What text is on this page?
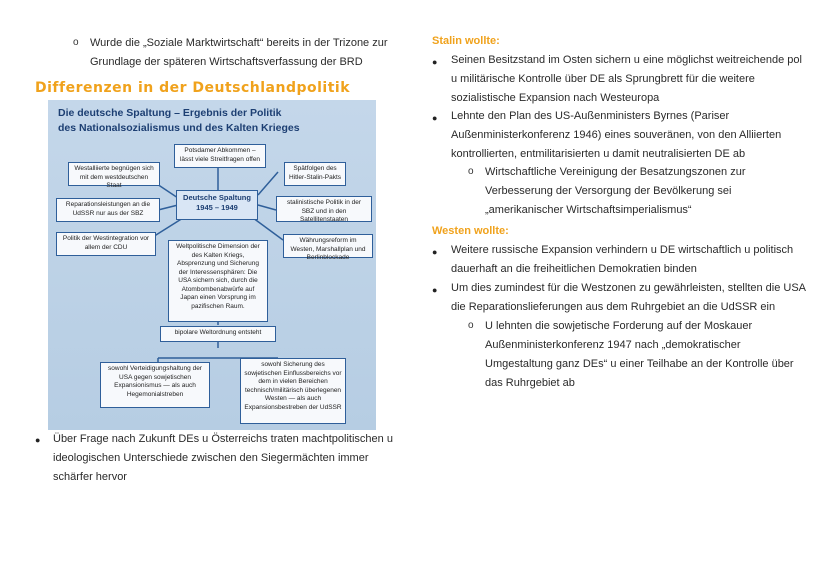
o Wurde die „Soziale Marktwirtschaft“ bereits in der Trizone zur
Grundlage der späteren Wirtschaftsverfassung der BRD
Differenzen in der Deutschlandpolitik
Die deutsche Spaltung – Ergebnis der Politik
des Nationalsozialismus und des Kalten Krieges
Deutsche Spaltung 1945 – 1949
Potsdamer Abkommen – lässt viele Streitfragen offen
Westalliierte begnügen sich mit dem westdeutschen Staat
Spätfolgen des Hitler-Stalin-Pakts
Reparationsleistungen an die UdSSR nur aus der SBZ
stalinistische Politik in der SBZ und in den Satellitenstaaten
Politik der Westintegration vor allem der CDU
Währungsreform im Westen, Marshallplan und Berlinblockade
Weltpolitische Dimension der des Kalten Kriegs, Absprenzung und Sicherung der Interessensphären: Die USA sichern sich, durch die Atombombenabwürfe auf Japan einen Vorsprung im pazifischen Raum.
bipolare Weltordnung entsteht
sowohl Verteidigungshaltung der USA gegen sowjetischen Expansionismus — als auch Hegemonialstreben
sowohl Sicherung des sowjetischen Einflussbereichs vor dem in vielen Bereichen technisch/militärisch überlegenen Westen — als auch Expansionsbestreben der UdSSR
● Über Frage nach Zukunft DEs u Österreichs traten machtpolitischen u
ideologischen Unterschiede zwischen den Siegermächten immer
schärfer hervor
Stalin wollte:
● Seinen Besitzstand im Osten sichern u eine möglichst weitreichende pol
u militärische Kontrolle über DE als Sprungbrett für die weitere
sozialistische Expansion nach Westeuropa
● Lehnte den Plan des US-Außenministers Byrnes (Pariser
Außenministerkonferenz 1946) eines souveränen, von den Alliierten
kontrollierten, entmilitarisierten u damit neutralisierten DE ab
o Wirtschaftliche Vereinigung der Besatzungszonen zur
Verbesserung der Versorgung der Bevölkerung sei
„amerikanischer Wirtschaftsimperialismus“
Westen wollte:
● Weitere russische Expansion verhindern u DE wirtschaftlich u politisch
dauerhaft an die freiheitlichen Demokratien binden
● Um dies zumindest für die Westzonen zu gewährleisten, stellten die USA
die Reparationslieferungen aus dem Ruhrgebiet an die UdSSR ein
o U lehnten die sowjetische Forderung auf der Moskauer
Außenministerkonferenz 1947 nach „demokratischer
Umgestaltung ganz DEs“ u einer Teilhabe an der Kontrolle über
das Ruhrgebiet ab
